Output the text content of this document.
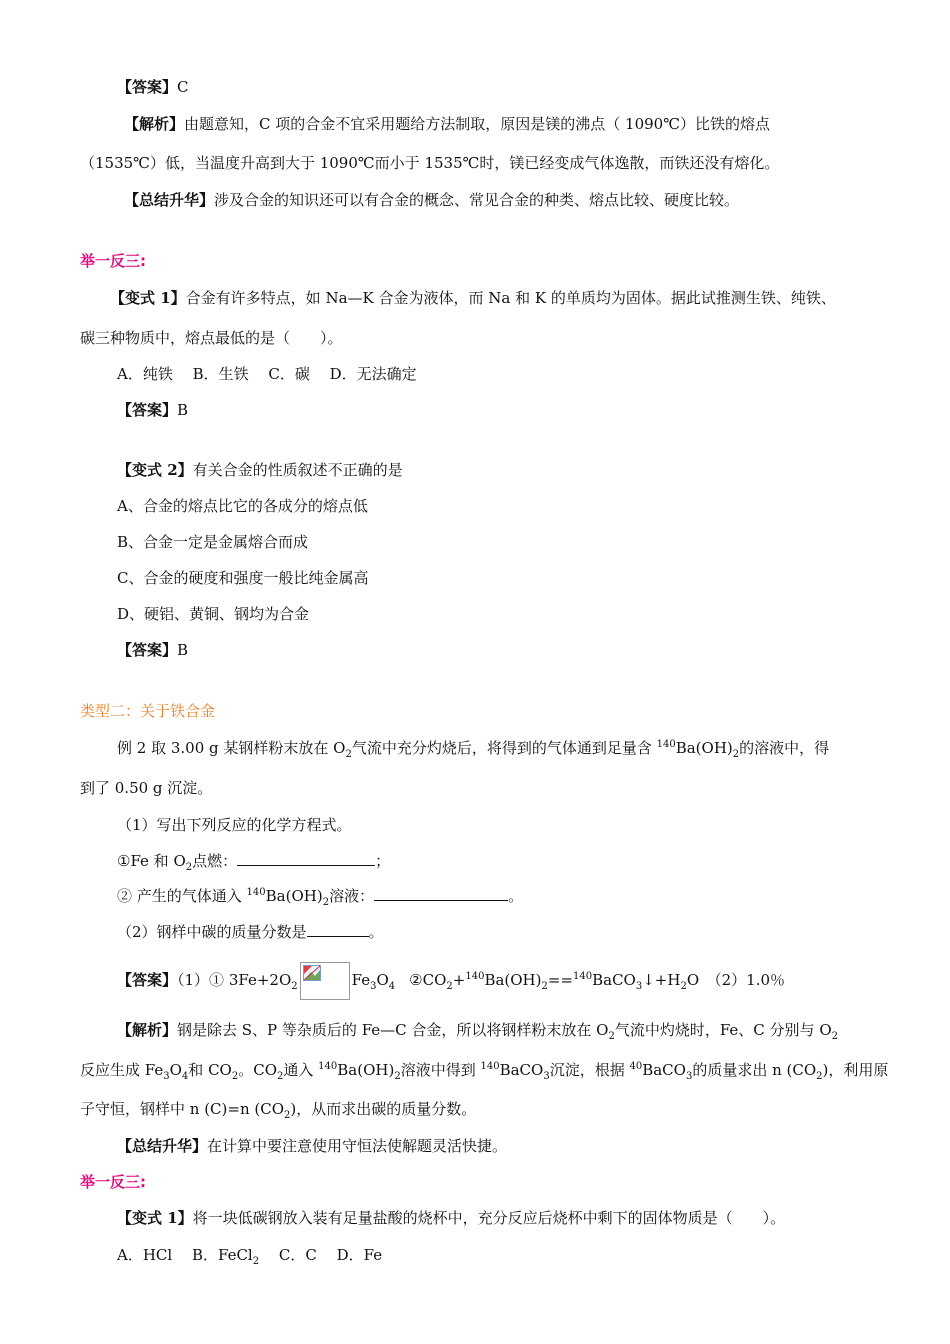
【答案】C
【解析】由题意知，C 项的合金不宜采用题给方法制取，原因是镁的沸点（ 1090℃）比铁的熔点
（1535℃）低，当温度升高到大于 1090℃而小于 1535℃时，镁已经变成气体逸散，而铁还没有熔化。
【总结升华】涉及合金的知识还可以有合金的概念、常见合金的种类、熔点比较、硬度比较。
举一反三:
【变式 1】合金有许多特点，如 Na—K 合金为液体，而 Na 和 K 的单质均为固体。据此试推测生铁、纯铁、
碳三种物质中，熔点最低的是（　　）。
A．纯铁　 B．生铁　 C．碳　 D．无法确定
【答案】B
【变式 2】有关合金的性质叙述不正确的是
A、合金的熔点比它的各成分的熔点低
B、合金一定是金属熔合而成
C、合金的硬度和强度一般比纯金属高
D、硬铝、黄铜、钢均为合金
【答案】B
类型二：关于铁合金
例 2 取 3.00 g 某钢样粉末放在 $O_2$气流中充分灼烧后，将得到的气体通到足量含 $^{140}Ba(OH)_2$的溶液中，得
到了 0.50 g 沉淀。
（1）写出下列反应的化学方程式。
①Fe 和 $O_2$点燃：	；
② 产生的气体通入 $^{140}Ba(OH)_2$溶液：	。
（2）钢样中碳的质量分数是	。
【答案】（1）① $3Fe+2O_2$	$Fe_3O_4$ $②CO_2+^{140}Ba(OH)_2==^{140}BaCO_3↓+H_2O$　（2）1.0％
【解析】钢是除去 S、P 等杂质后的 Fe—C 合金，所以将钢样粉末放在 $O_2$气流中灼烧时，Fe、C 分别与 $O_2$
反应生成 $Fe_3O_4$和 $CO_2$。$CO_2$通入 $^{140}Ba(OH)_2$溶液中得到 $^{140}$BaCO$_3$沉淀，根据 $^{40}$BaCO$_3$的质量求出 n $(CO_2)$，利用原
子守恒，钢样中 n (C)=n $(CO_2)$，从而求出碳的质量分数。
【总结升华】在计算中要注意使用守恒法使解题灵活快捷。
举一反三:
【变式 1】将一块低碳钢放入装有足量盐酸的烧杯中，充分反应后烧杯中剩下的固体物质是（　　）。
A．HCl　 B．FeCl$_2$　 C．C　 D．Fe
